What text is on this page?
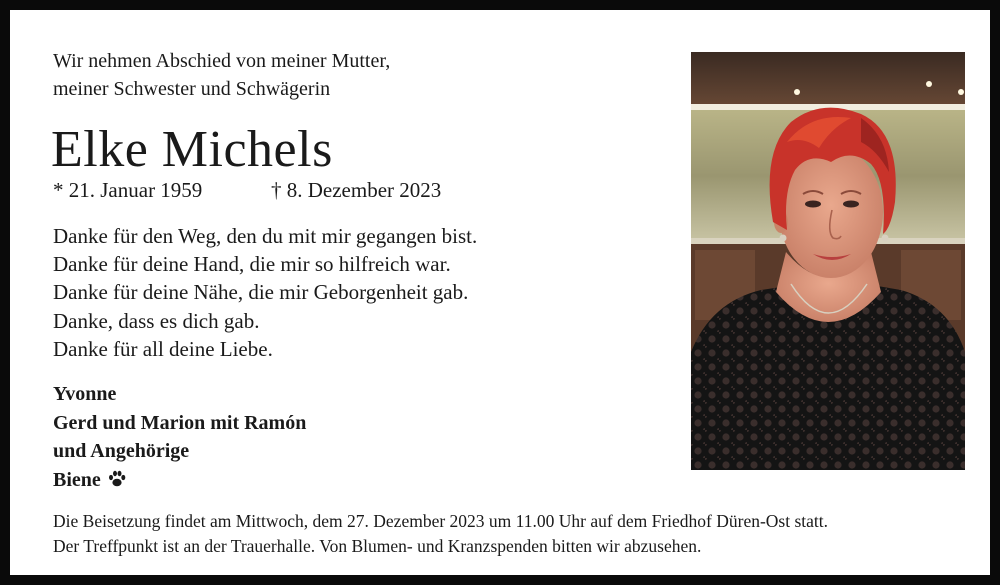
Wir nehmen Abschied von meiner Mutter,
meiner Schwester und Schwägerin
Elke Michels
* 21. Januar 1959	† 8. Dezember 2023
Danke für den Weg, den du mit mir gegangen bist.
Danke für deine Hand, die mir so hilfreich war.
Danke für deine Nähe, die mir Geborgenheit gab.
Danke, dass es dich gab.
Danke für all deine Liebe.
Yvonne
Gerd und Marion mit Ramón
und Angehörige
Biene
Die Beisetzung findet am Mittwoch, dem 27. Dezember 2023 um 11.00 Uhr auf dem Friedhof Düren-Ost statt.
Der Treffpunkt ist an der Trauerhalle. Von Blumen- und Kranzspenden bitten wir abzusehen.
